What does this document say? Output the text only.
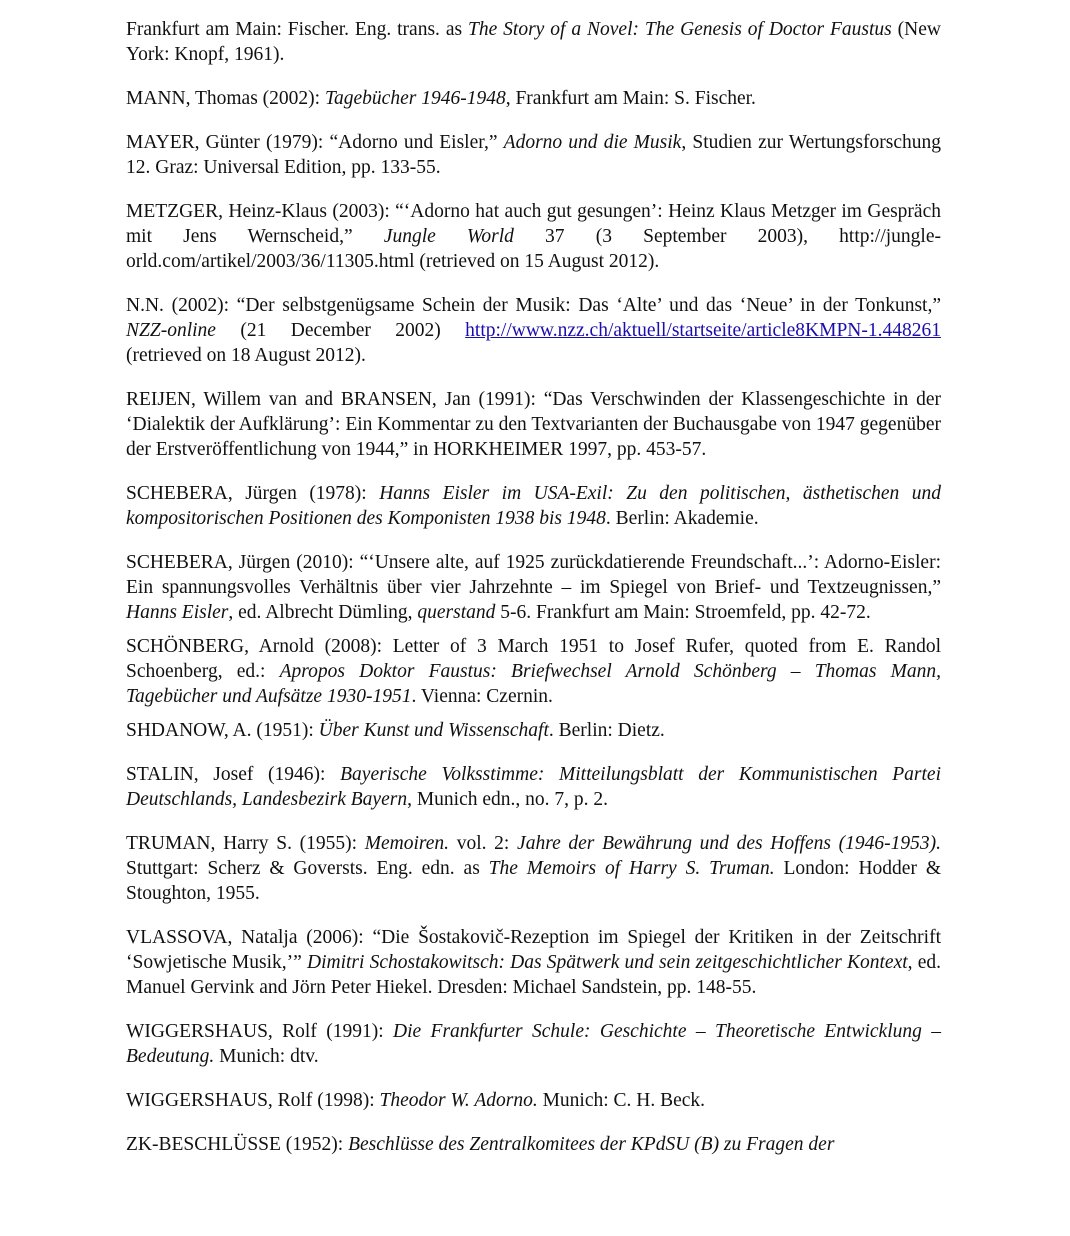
Frankfurt am Main: Fischer. Eng. trans. as The Story of a Novel: The Genesis of Doctor Faustus (New York: Knopf, 1961).

MANN, Thomas (2002): Tagebücher 1946-1948, Frankfurt am Main: S. Fischer.

MAYER, Günter (1979): “Adorno und Eisler,” Adorno und die Musik, Studien zur Wertungsforschung 12. Graz: Universal Edition, pp. 133-55.

METZGER, Heinz-Klaus (2003): “‘Adorno hat auch gut gesungen’: Heinz Klaus Metzger im Gespräch mit Jens Wernscheid,” Jungle World 37 (3 September 2003), http://jungle-orld.com/artikel/2003/36/11305.html (retrieved on 15 August 2012).

N.N. (2002): “Der selbstgenügsame Schein der Musik: Das ‘Alte’ und das ‘Neue’ in der Tonkunst,” NZZ-online (21 December 2002) http://www.nzz.ch/aktuell/startseite/article8KMPN-1.448261 (retrieved on 18 August 2012).

REIJEN, Willem van and BRANSEN, Jan (1991): “Das Verschwinden der Klassengeschichte in der ‘Dialektik der Aufklärung’: Ein Kommentar zu den Textvarianten der Buchausgabe von 1947 gegenüber der Erstveröffentlichung von 1944,” in HORKHEIMER 1997, pp. 453-57.

SCHEBERA, Jürgen (1978): Hanns Eisler im USA-Exil: Zu den politischen, ästhetischen und kompositorischen Positionen des Komponisten 1938 bis 1948. Berlin: Akademie.

SCHEBERA, Jürgen (2010): “‘Unsere alte, auf 1925 zurückdatierende Freundschaft...’: Adorno-Eisler: Ein spannungsvolles Verhältnis über vier Jahrzehnte – im Spiegel von Brief- und Textzeugnissen,” Hanns Eisler, ed. Albrecht Dümling, querstand 5-6. Frankfurt am Main: Stroemfeld, pp. 42-72.

SCHÖNBERG, Arnold (2008): Letter of 3 March 1951 to Josef Rufer, quoted from E. Randol Schoenberg, ed.: Apropos Doktor Faustus: Briefwechsel Arnold Schönberg – Thomas Mann, Tagebücher und Aufsätze 1930-1951. Vienna: Czernin.

SHDANOW, A. (1951): Über Kunst und Wissenschaft. Berlin: Dietz.

STALIN, Josef (1946): Bayerische Volksstimme: Mitteilungsblatt der Kommunistischen Partei Deutschlands, Landesbezirk Bayern, Munich edn., no. 7, p. 2.

TRUMAN, Harry S. (1955): Memoiren. vol. 2: Jahre der Bewährung und des Hoffens (1946-1953). Stuttgart: Scherz & Goversts. Eng. edn. as The Memoirs of Harry S. Truman. London: Hodder & Stoughton, 1955.

VLASSOVA, Natalja (2006): “Die Šostakovič-Rezeption im Spiegel der Kritiken in der Zeitschrift ‘Sowjetische Musik,’” Dimitri Schostakowitsch: Das Spätwerk und sein zeitgeschichtlicher Kontext, ed. Manuel Gervink and Jörn Peter Hiekel. Dresden: Michael Sandstein, pp. 148-55.

WIGGERSHAUS, Rolf (1991): Die Frankfurter Schule: Geschichte – Theoretische Entwicklung – Bedeutung. Munich: dtv.

WIGGERSHAUS, Rolf (1998): Theodor W. Adorno. Munich: C. H. Beck.

ZK-BESCHLÜSSE (1952): Beschlüsse des Zentralkomitees der KPdSU (B) zu Fragen der
